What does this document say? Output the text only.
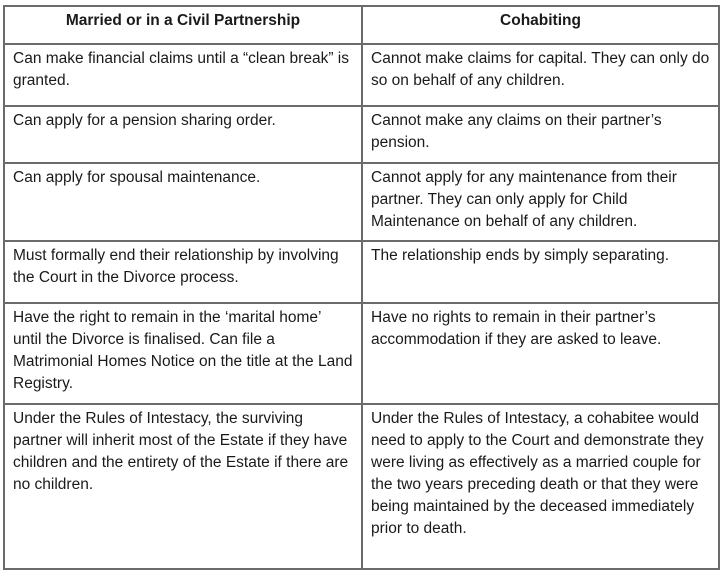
Married or in a Civil Partnership	Cohabiting
Can make financial claims until a “clean break” is granted.	Cannot make claims for capital. They can only do so on behalf of any children.
Can apply for a pension sharing order.	Cannot make any claims on their partner’s pension.
Can apply for spousal maintenance.	Cannot apply for any maintenance from their partner. They can only apply for Child Maintenance on behalf of any children.
Must formally end their relationship by involving the Court in the Divorce process.	The relationship ends by simply separating.
Have the right to remain in the ‘marital home’ until the Divorce is finalised. Can file a Matrimonial Homes Notice on the title at the Land Registry.	Have no rights to remain in their partner’s accommodation if they are asked to leave.
Under the Rules of Intestacy, the surviving partner will inherit most of the Estate if they have children and the entirety of the Estate if there are no children.	Under the Rules of Intestacy, a cohabitee would need to apply to the Court and demonstrate they were living as effectively as a married couple for the two years preceding death or that they were being maintained by the deceased immediately prior to death.
